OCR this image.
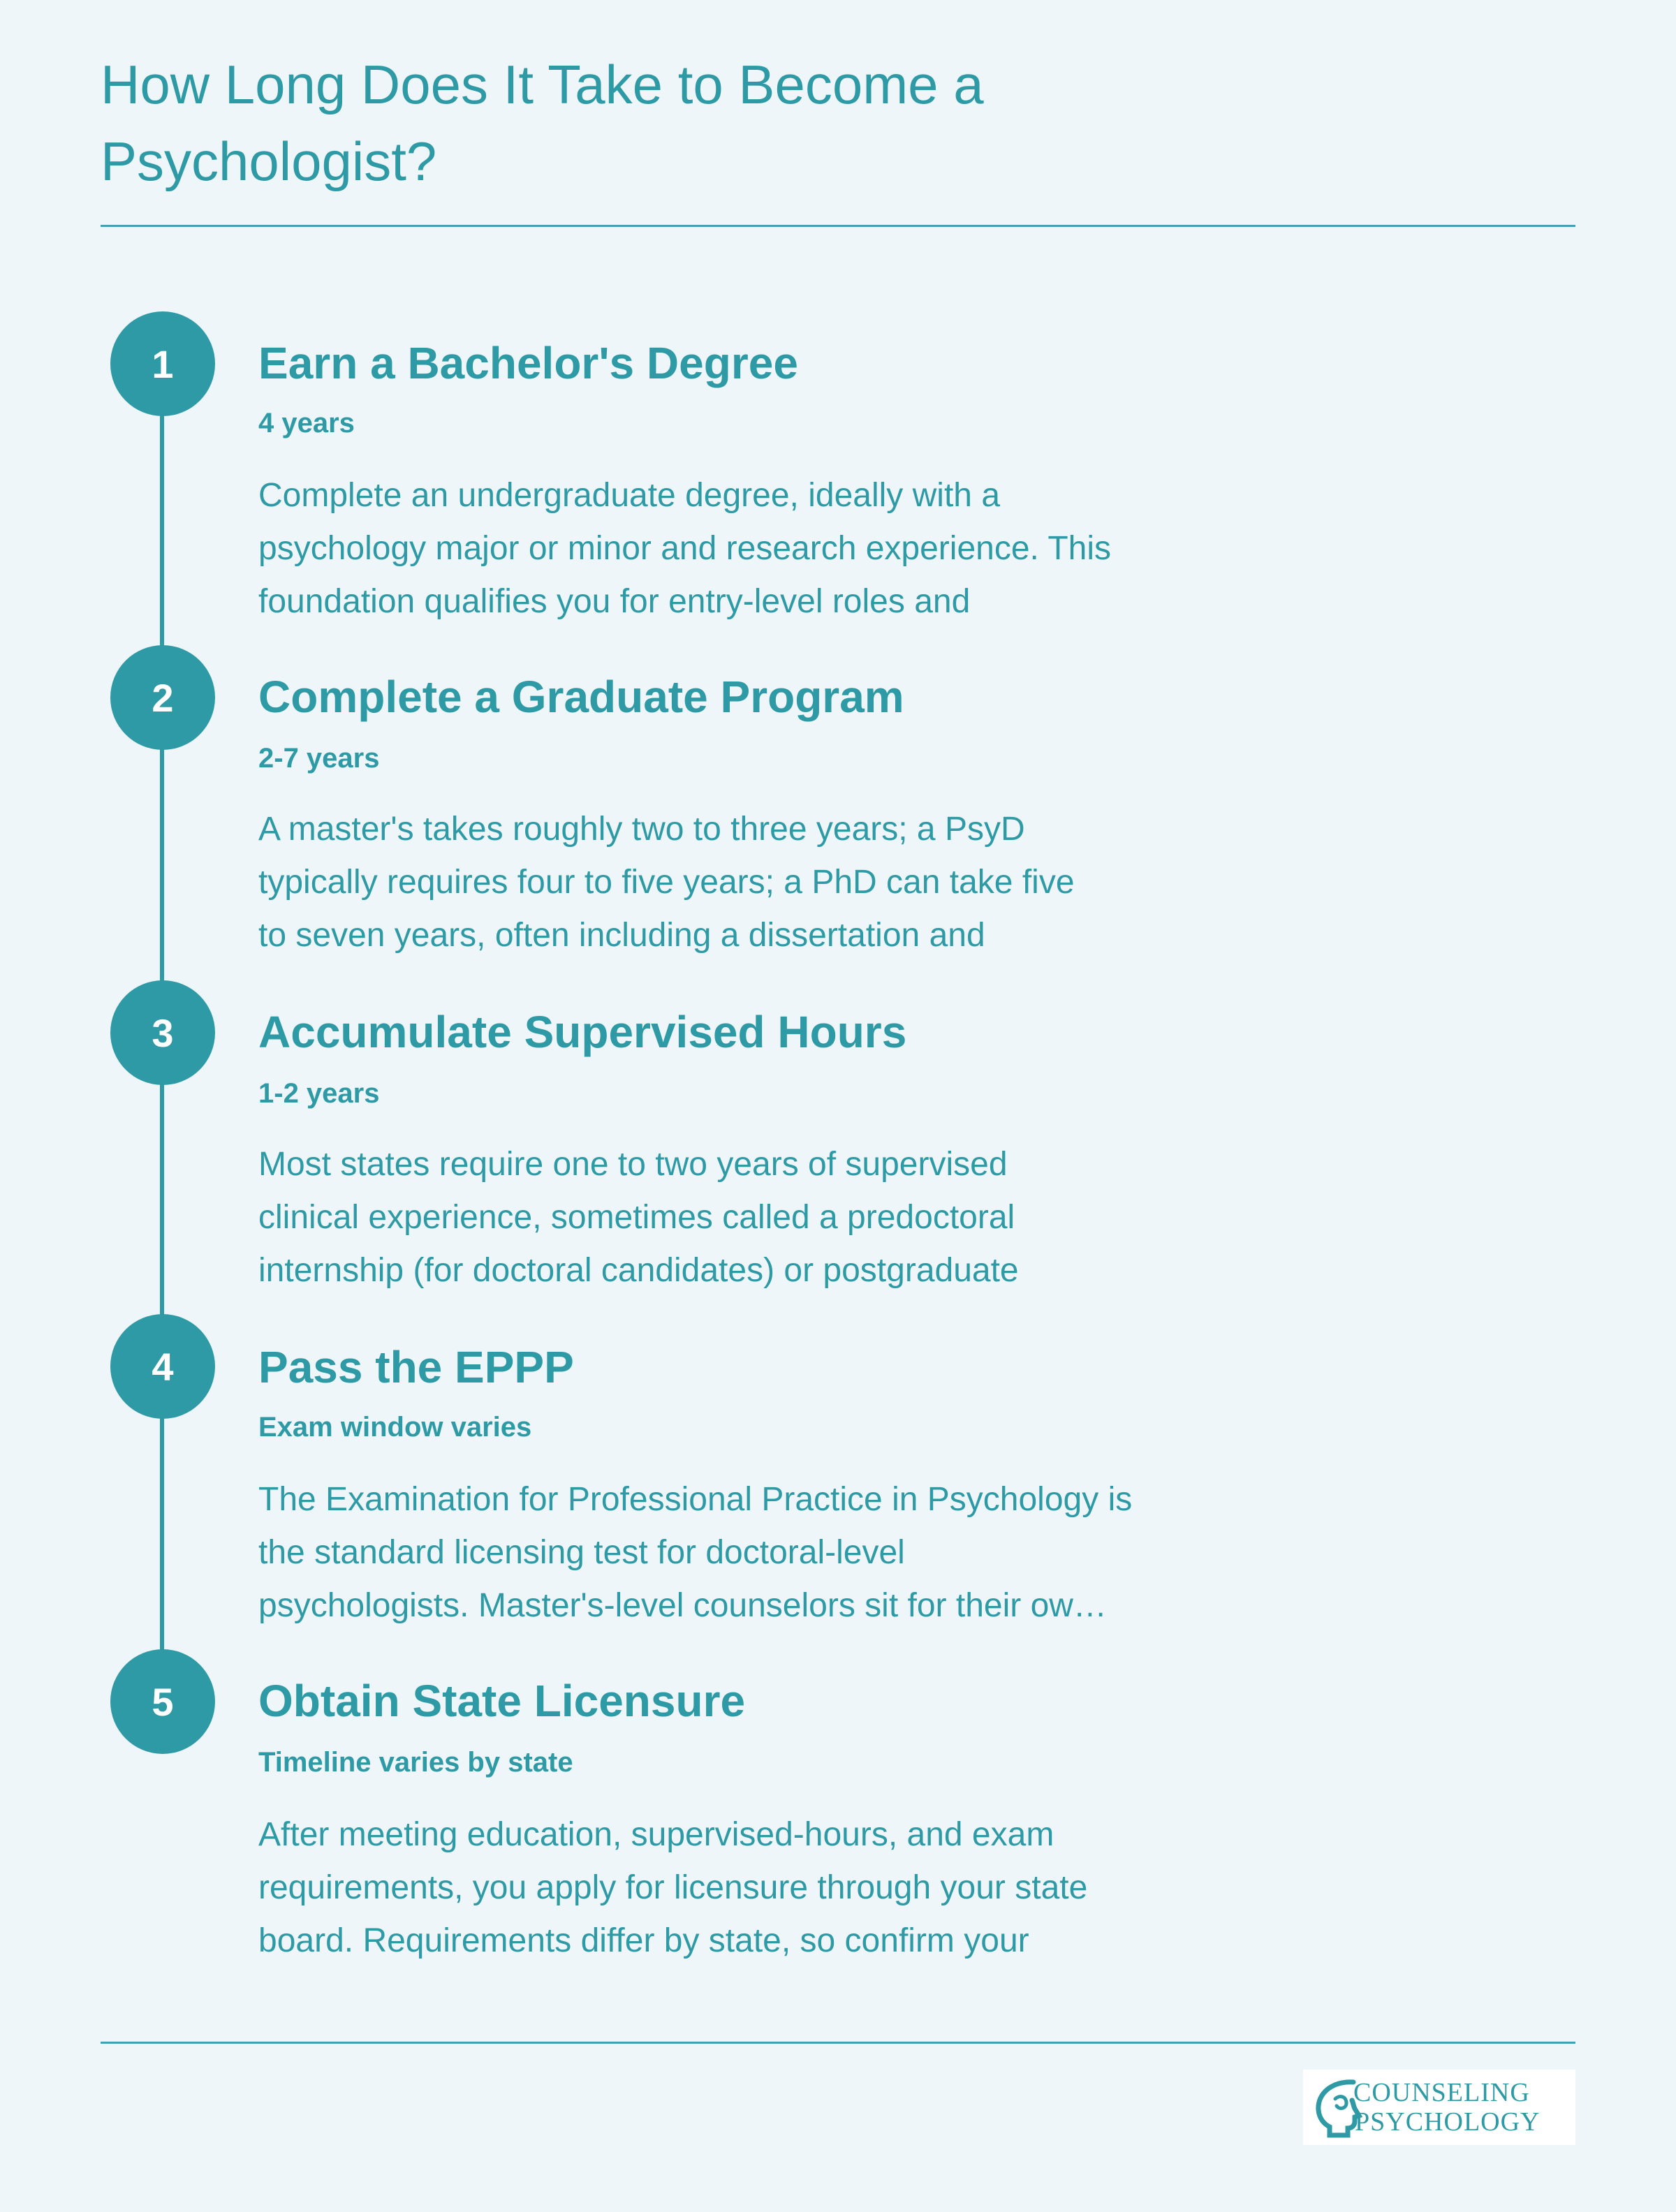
How Long Does It Take to Become a
Psychologist?
1	Earn a Bachelor's Degree
4 years
Complete an undergraduate degree, ideally with a
psychology major or minor and research experience. This
foundation qualifies you for entry-level roles and
2	Complete a Graduate Program
2-7 years
A master's takes roughly two to three years; a PsyD
typically requires four to five years; a PhD can take five
to seven years, often including a dissertation and
3	Accumulate Supervised Hours
1-2 years
Most states require one to two years of supervised
clinical experience, sometimes called a predoctoral
internship (for doctoral candidates) or postgraduate
4	Pass the EPPP
Exam window varies
The Examination for Professional Practice in Psychology is
the standard licensing test for doctoral-level
psychologists. Master's-level counselors sit for their ow…
5	Obtain State Licensure
Timeline varies by state
After meeting education, supervised-hours, and exam
requirements, you apply for licensure through your state
board. Requirements differ by state, so confirm your
COUNSELING
PSYCHOLOGY
